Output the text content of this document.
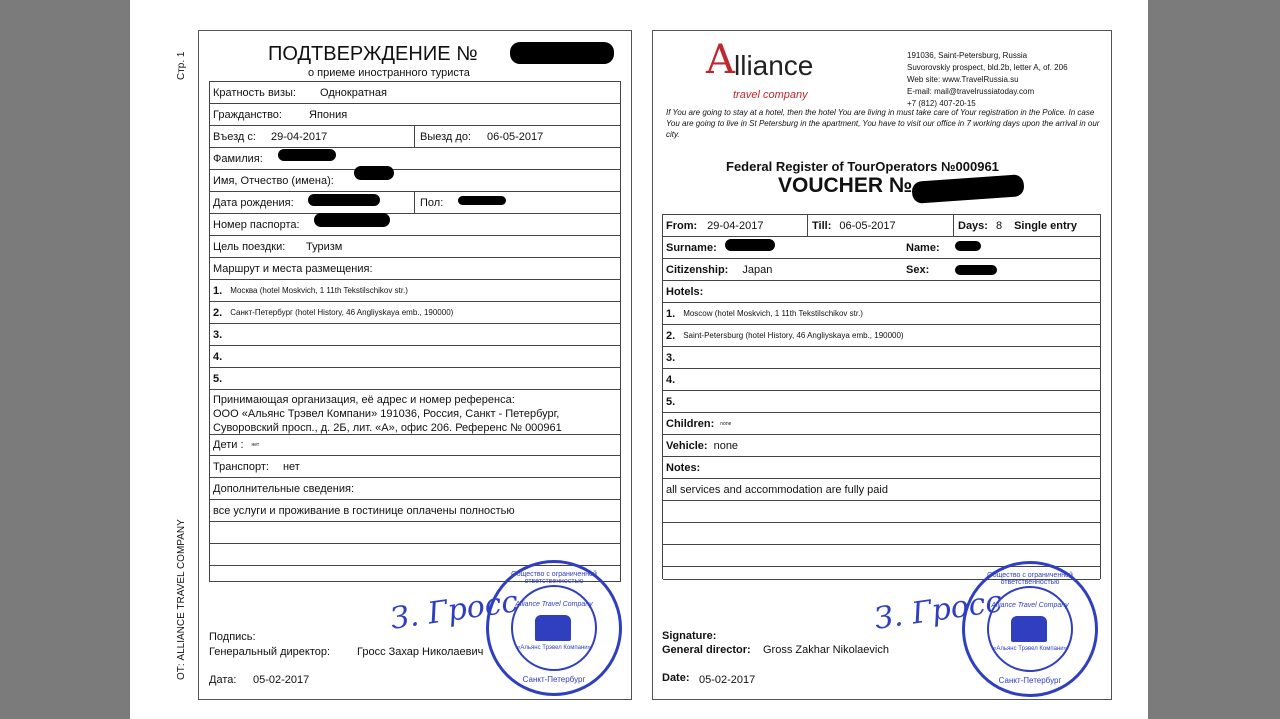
Стр. 1
ОТ: ALLIANCE TRAVEL COMPANY
ПОДТВЕРЖДЕНИЕ №
о приеме иностранного туриста
Кратность визы: Однократная
Гражданство: Япония
Въезд с: 29-04-2017	Выезд до: 06-05-2017
Фамилия:
Имя, Отчество (имена):
Дата рождения:	Пол:
Номер паспорта:
Цель поездки: Туризм
Маршрут и места размещения:
1. Москва (hotel Moskvich, 1 11th Tekstilschikov str.)
2. Санкт-Петербург (hotel History, 46 Angliyskaya emb., 190000)
3.
4.
5.
Принимающая организация, её адрес и номер референса:
ООО «Альянс Трэвел Компани» 191036, Россия, Санкт - Петербург,
Суворовский просп., д. 2Б, лит. «А», офис 206. Референс № 000961
Дети : нет
Транспорт: нет
Дополнительные сведения:
все услуги и проживание в гостинице оплачены полностью
Подпись:
Генеральный директор: Гросс Захар Николаевич
Дата: 05-02-2017
З. Гросс
Общество с ограниченной ответственностью
Alliance Travel Company
«Альянс Трэвел Компани»
Санкт-Петербург
A lliance
travel company
191036, Saint-Petersburg, Russia
Suvorovskiy prospect, bld.2b, letter A, of. 206
Web site: www.TravelRussia.su
E-mail: mail@travelrussiatoday.com
+7 (812) 407-20-15
If You are going to stay at a hotel, then the hotel You are living in must take care of Your registration in the Police. In case You are going to live in St Petersburg in the apartment, You have to visit our office in 7 working days upon the arrival in our city.
Federal Register of TourOperators №000961
VOUCHER №
From: 29-04-2017	Till: 06-05-2017	Days: 8 Single entry
Surname:	Name:
Citizenship: Japan	Sex:
Hotels:
1. Moscow (hotel Moskvich, 1 11th Tekstilschikov str.)
2. Saint-Petersburg (hotel History, 46 Angliyskaya emb., 190000)
3.
4.
5.
Children: none
Vehicle: none
Notes:
all services and accommodation are fully paid
Signature:
General director: Gross Zakhar Nikolaevich
Date: 05-02-2017
З. Гросс
Общество с ограниченной ответственностью
Alliance Travel Company
«Альянс Трэвел Компани»
Санкт-Петербург
